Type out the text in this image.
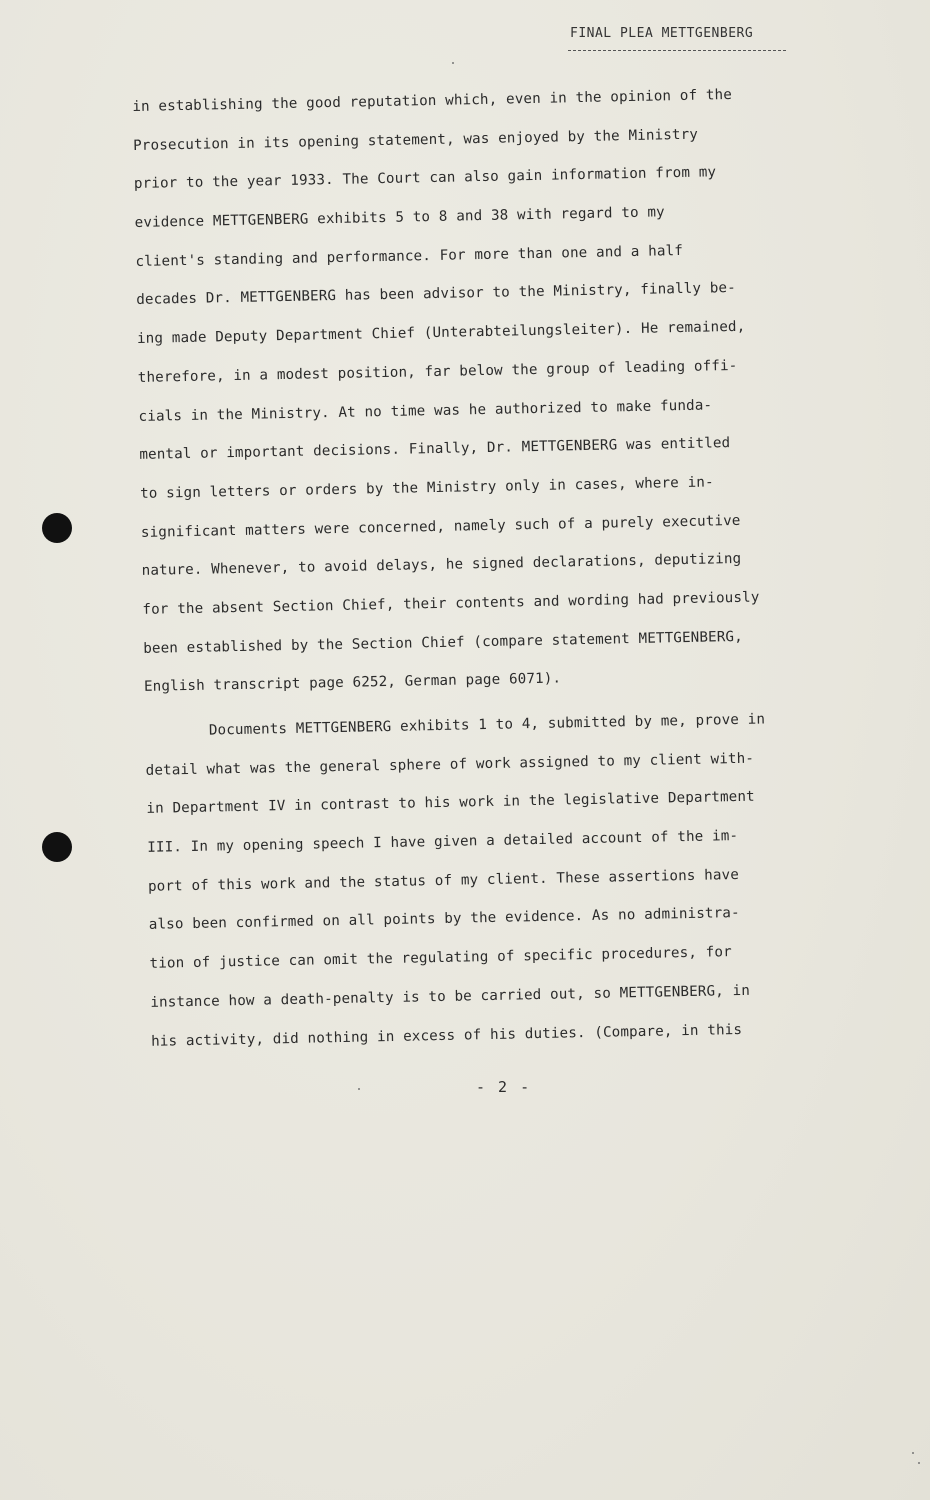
FINAL PLEA METTGENBERG
in establishing the good reputation which, even in the opinion of the
Prosecution in its opening statement, was enjoyed by the Ministry
prior to the year 1933. The Court can also gain information from my
evidence METTGENBERG exhibits 5 to 8 and 38 with regard to my
client's standing and performance. For more than one and a half
decades Dr. METTGENBERG has been advisor to the Ministry, finally be-
ing made Deputy Department Chief (Unterabteilungsleiter). He remained,
therefore, in a modest position, far below the group of leading offi-
cials in the Ministry. At no time was he authorized to make funda-
mental or important decisions. Finally, Dr. METTGENBERG was entitled
to sign letters or orders by the Ministry only in cases, where in-
significant matters were concerned, namely such of a purely executive
nature. Whenever, to avoid delays, he signed declarations, deputizing
for the absent Section Chief, their contents and wording had previously
been established by the Section Chief (compare statement METTGENBERG,
English transcript page 6252, German page 6071).
Documents METTGENBERG exhibits 1 to 4, submitted by me, prove in
detail what was the general sphere of work assigned to my client with-
in Department IV in contrast to his work in the legislative Department
III. In my opening speech I have given a detailed account of the im-
port of this work and the status of my client. These assertions have
also been confirmed on all points by the evidence. As no administra-
tion of justice can omit the regulating of specific procedures, for
instance how a death-penalty is to be carried out, so METTGENBERG, in
his activity, did nothing in excess of his duties. (Compare, in this
- 2 -
